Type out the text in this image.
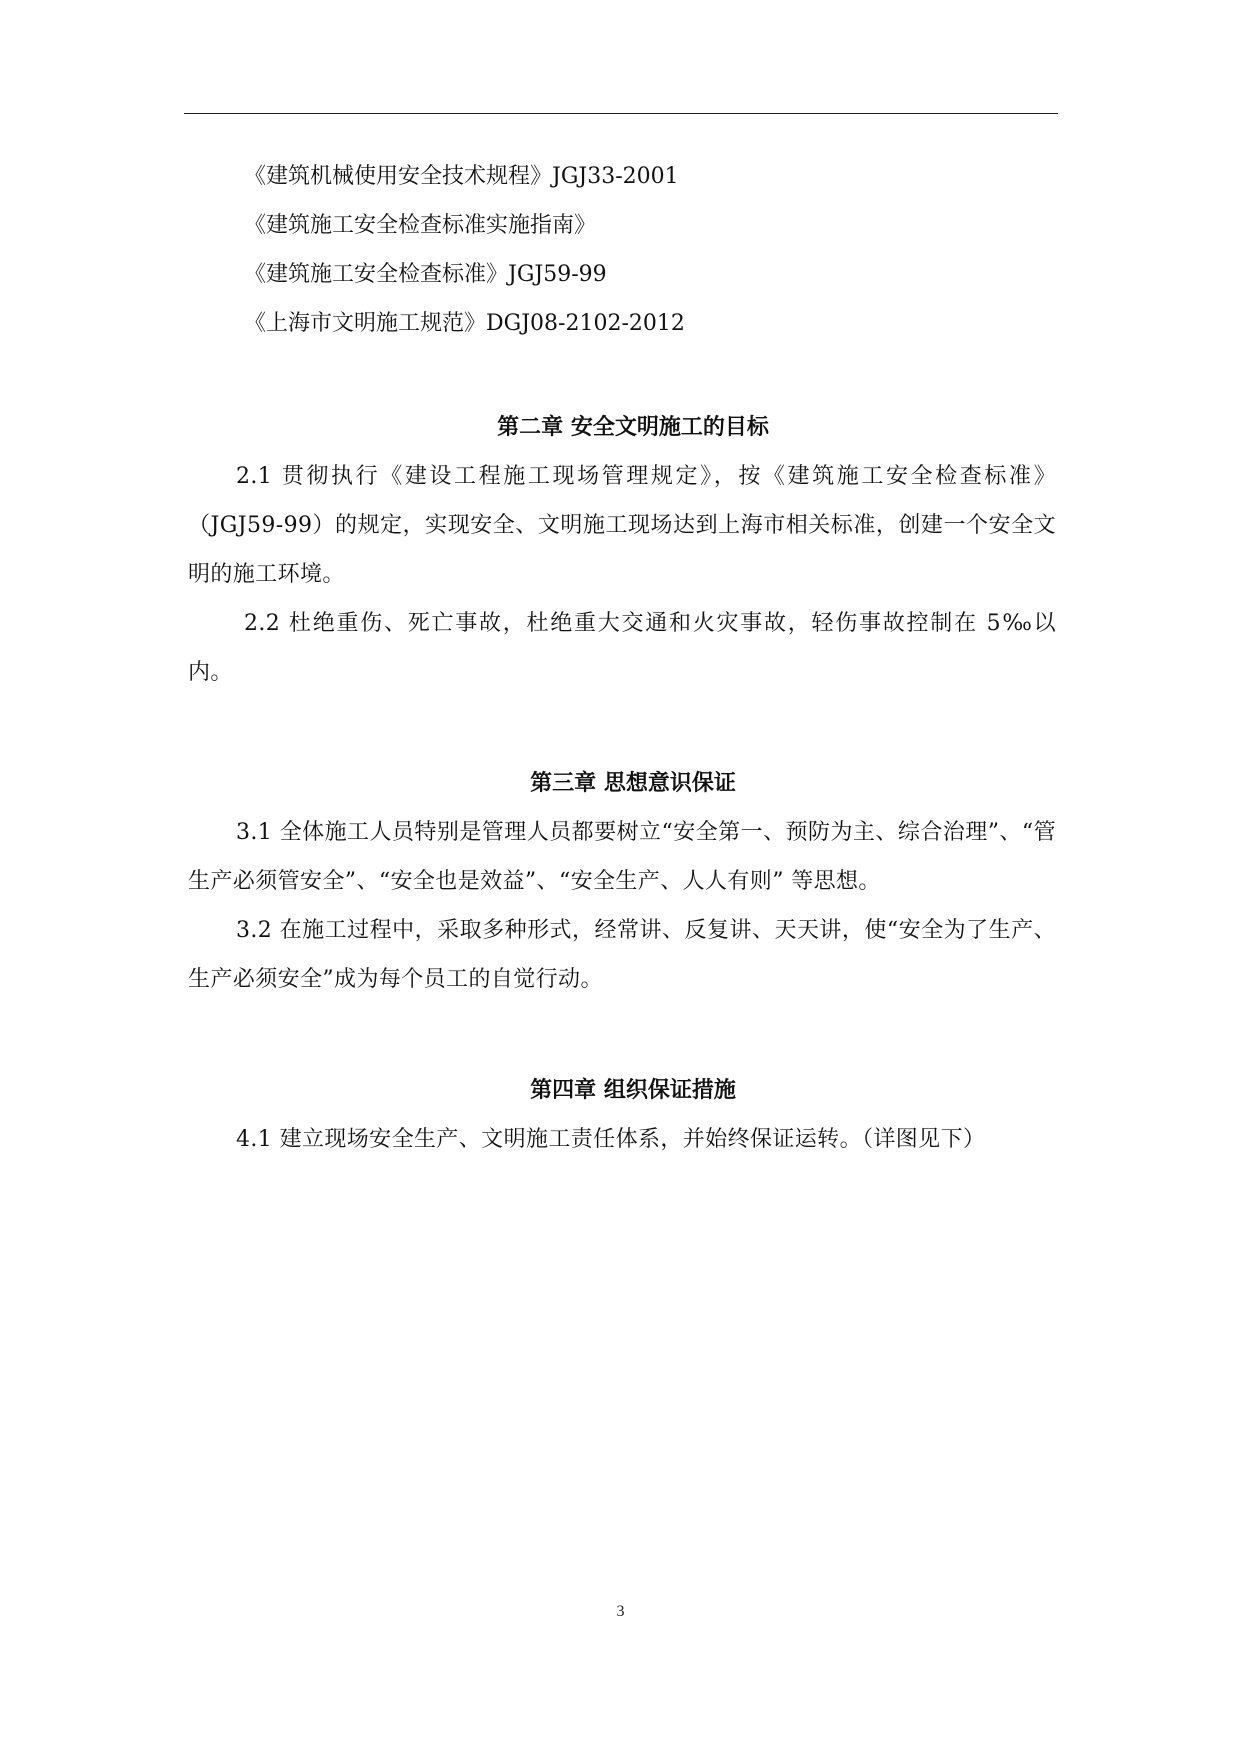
《建筑机械使用安全技术规程》JGJ33-2001

《建筑施工安全检查标准实施指南》

《建筑施工安全检查标准》JGJ59-99

《上海市文明施工规范》DGJ08-2102-2012

第二章 安全文明施工的目标

2.1 贯彻执行《建设工程施工现场管理规定》，按《建筑施工安全检查标准》（JGJ59-99）的规定，实现安全、文明施工现场达到上海市相关标准，创建一个安全文明的施工环境。

2.2 杜绝重伤、死亡事故，杜绝重大交通和火灾事故，轻伤事故控制在 5‰以内。

第三章 思想意识保证

3.1 全体施工人员特别是管理人员都要树立“安全第一、预防为主、综合治理”、“管生产必须管安全”、“安全也是效益”、“安全生产、人人有则” 等思想。

3.2 在施工过程中，采取多种形式，经常讲、反复讲、天天讲，使“安全为了生产、生产必须安全”成为每个员工的自觉行动。

第四章 组织保证措施

4.1 建立现场安全生产、文明施工责任体系，并始终保证运转。（详图见下）

3
